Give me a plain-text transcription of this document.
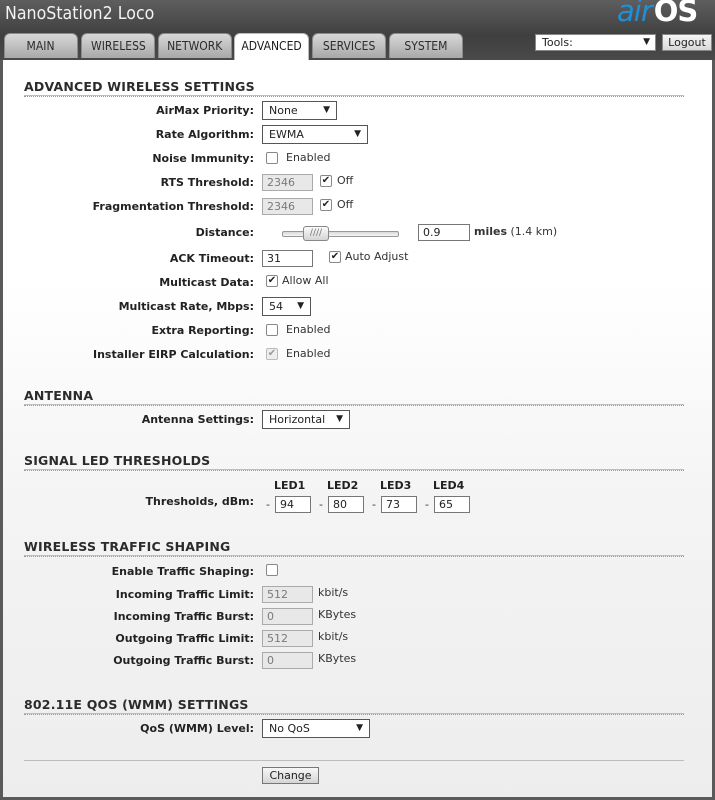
NanoStation2 Loco	airOS
MAIN	WIRELESS	NETWORK	ADVANCED	SERVICES	SYSTEM	Tools:	▼	Logout
ADVANCED WIRELESS SETTINGS
AirMax Priority:	None	▼
Rate Algorithm:	EWMA	▼
Noise Immunity:	Enabled
RTS Threshold:	2346	✔ Off
Fragmentation Threshold:	2346	✔ Off
Distance:	////	0.9	miles (1.4 km)
ACK Timeout:	31	✔ Auto Adjust
Multicast Data: ✔ Allow All
Multicast Rate, Mbps:	54 ▼
Extra Reporting:	Enabled
Installer EIRP Calculation: ✔ Enabled
ANTENNA
Antenna Settings:	Horizontal ▼
SIGNAL LED THRESHOLDS
LED1 LED2 LED3 LED4
Thresholds, dBm: - 94	- 80	- 73	- 65
WIRELESS TRAFFIC SHAPING
Enable Traffic Shaping:
Incoming Traffic Limit:	512	kbit/s
Incoming Traffic Burst:	0	KBytes
Outgoing Traffic Limit:	512	kbit/s
Outgoing Traffic Burst:	0	KBytes
802.11E QOS (WMM) SETTINGS
QoS (WMM) Level:	No QoS	▼
Change
